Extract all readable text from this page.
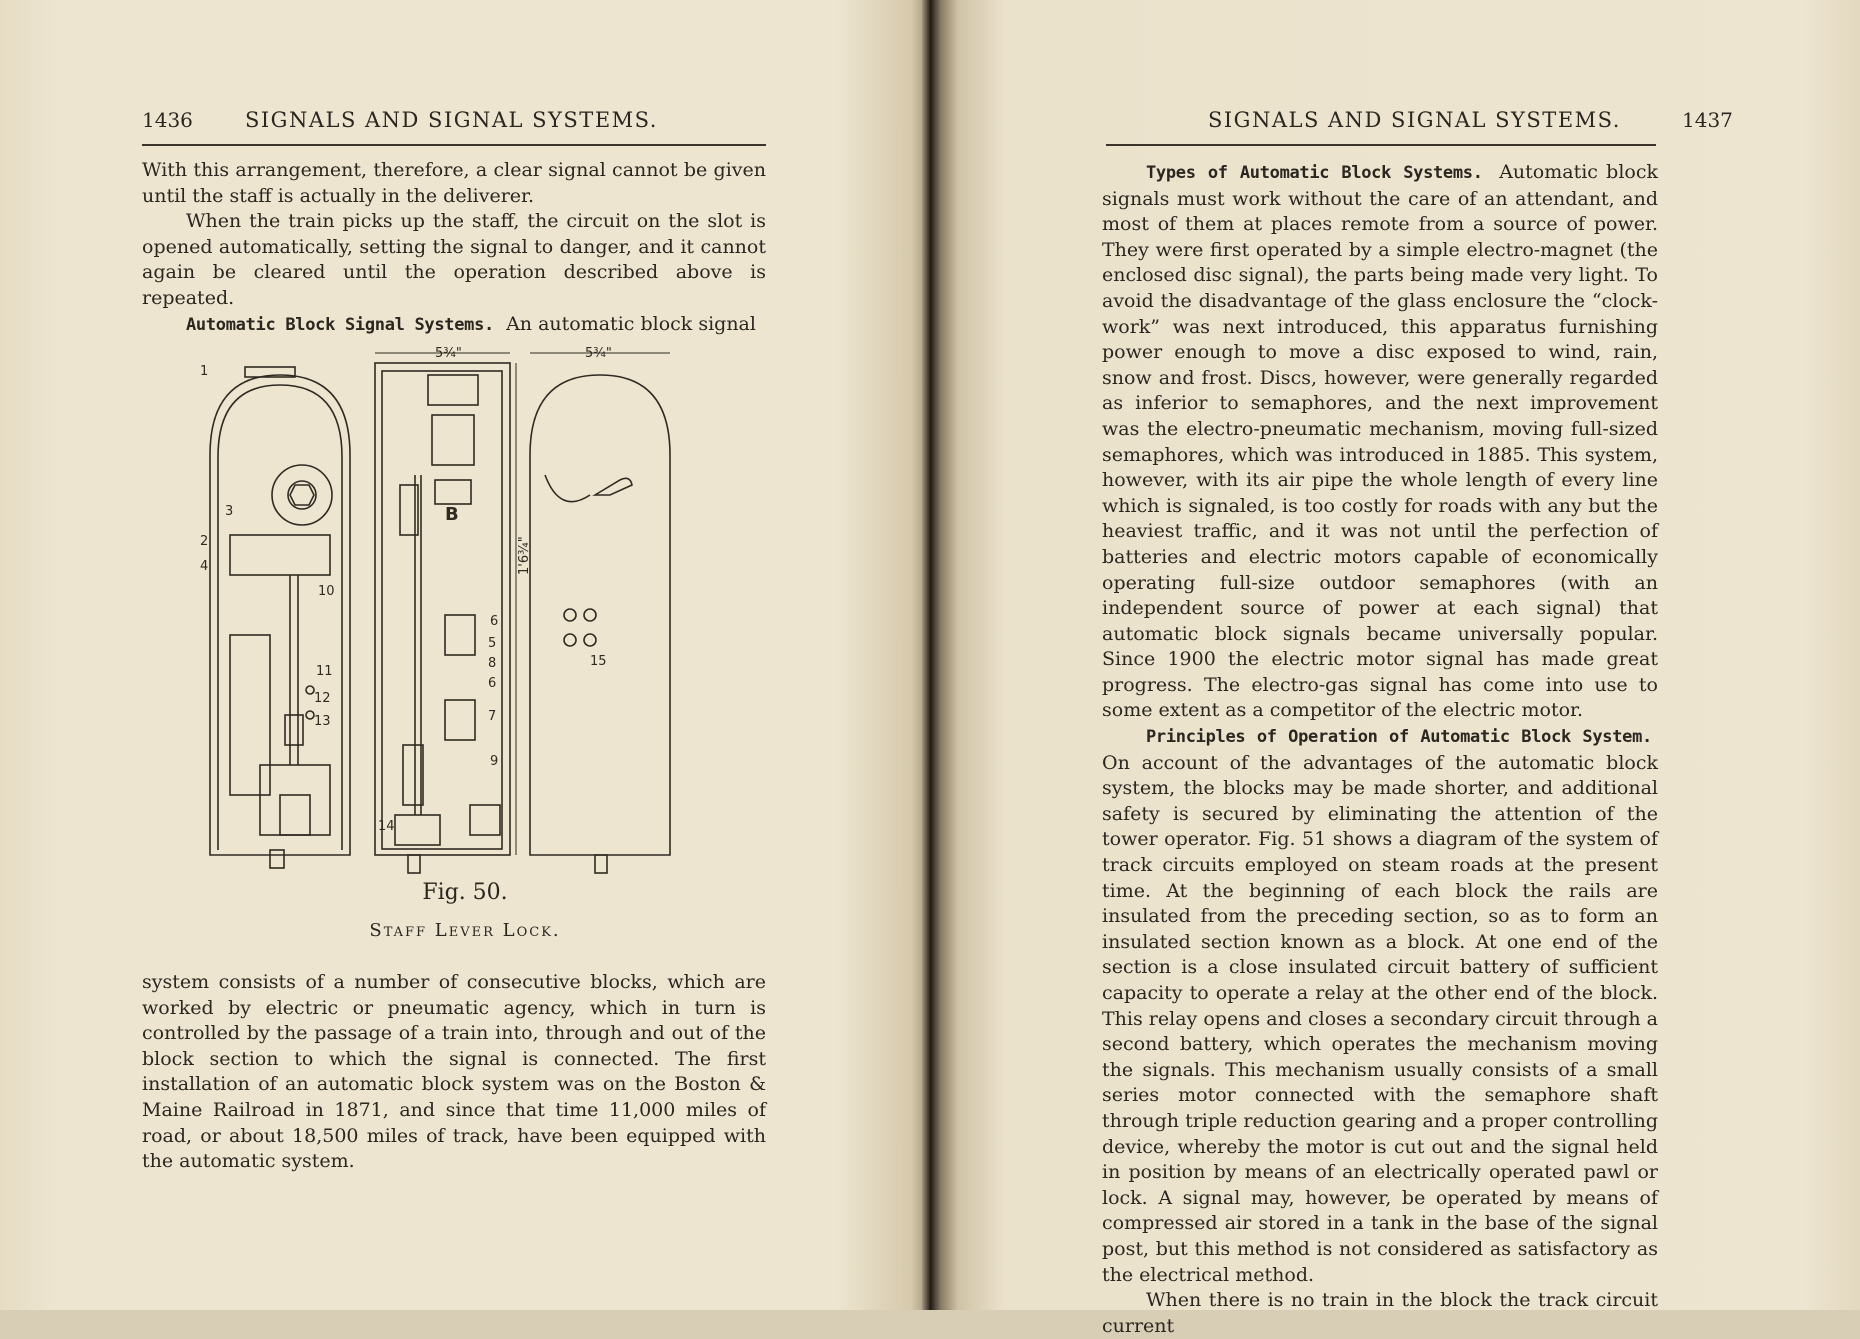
1436 SIGNALS AND SIGNAL SYSTEMS.

With this arrangement, therefore, a clear signal cannot be given until the staff is actually in the deliverer.

When the train picks up the staff, the circuit on the slot is opened automatically, setting the signal to danger, and it cannot again be cleared until the operation described above is repeated.

Automatic Block Signal Systems. An automatic block signal

5¾"	5¾"
1'6¾"
1
2
3
4
10
11
12
13
14
B
6
5
8
6
7
9
15
Fig. 50.
Staff Lever Lock.

system consists of a number of consecutive blocks, which are worked by electric or pneumatic agency, which in turn is controlled by the passage of a train into, through and out of the block section to which the signal is connected. The first installation of an automatic block system was on the Boston & Maine Railroad in 1871, and since that time 11,000 miles of road, or about 18,500 miles of track, have been equipped with the automatic system.

SIGNALS AND SIGNAL SYSTEMS.	1437

Types of Automatic Block Systems. Automatic block signals must work without the care of an attendant, and most of them at places remote from a source of power. They were first operated by a simple electro-magnet (the enclosed disc signal), the parts being made very light. To avoid the disadvantage of the glass enclosure the “clock-work” was next introduced, this apparatus furnishing power enough to move a disc exposed to wind, rain, snow and frost. Discs, however, were generally regarded as inferior to semaphores, and the next improvement was the electro-pneumatic mechanism, moving full-sized semaphores, which was introduced in 1885. This system, however, with its air pipe the whole length of every line which is signaled, is too costly for roads with any but the heaviest traffic, and it was not until the perfection of batteries and electric motors capable of economically operating full-size outdoor semaphores (with an independent source of power at each signal) that automatic block signals became universally popular. Since 1900 the electric motor signal has made great progress. The electro-gas signal has come into use to some extent as a competitor of the electric motor.

Principles of Operation of Automatic Block System.  On account of the advantages of the automatic block system, the blocks may be made shorter, and additional safety is secured by eliminating the attention of the tower operator. Fig. 51 shows a diagram of the system of track circuits employed on steam roads at the present time. At the beginning of each block the rails are insulated from the preceding section, so as to form an insulated section known as a block. At one end of the section is a close insulated circuit battery of sufficient capacity to operate a relay at the other end of the block. This relay opens and closes a secondary circuit through a second battery, which operates the mechanism moving the signals. This mechanism usually consists of a small series motor connected with the semaphore shaft through triple reduction gearing and a proper controlling device, whereby the motor is cut out and the signal held in position by means of an electrically operated pawl or lock. A signal may, however, be operated by means of compressed air stored in a tank in the base of the signal post, but this method is not considered as satisfactory as the electrical method.

When there is no train in the block the track circuit current
